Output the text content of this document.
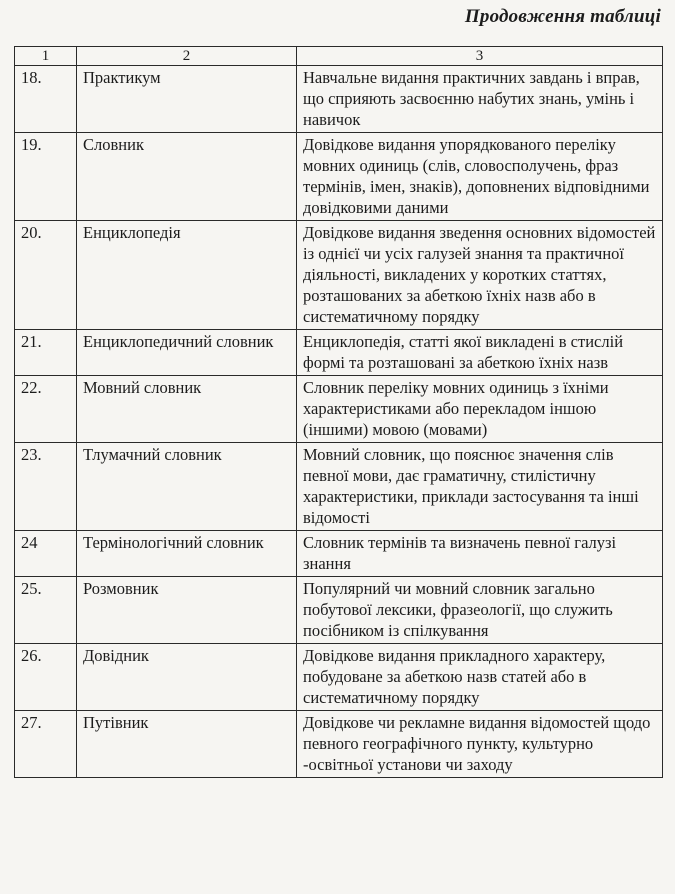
Продовження таблиці
1	2	3
18.	Практикум	Навчальне видання практичних завдань і вправ, що сприяють засвоєнню набутих знань, умінь і навичок
19.	Словник	Довідкове видання упорядкованого переліку мовних одиниць (слів, словосполучень, фраз термінів, імен, знаків), доповнених відповідними довідковими даними
20.	Енциклопедія	Довідкове видання зведення основних відомостей із однієї чи усіх галузей знання та практичної діяльності, викладених у коротких статтях, розташованих за абеткою їхніх назв або в систематичному порядку
21.	Енциклопедичний словник	Енциклопедія, статті якої викладені в стислій формі та розташовані за абеткою їхніх назв
22.	Мовний словник	Словник переліку мовних одиниць з їхніми характеристиками або перекладом іншою (іншими) мовою (мовами)
23.	Тлумачний словник	Мовний словник, що пояснює значення слів певної мови, дає граматичну, стилістичну характеристики, приклади застосування та інші відомості
24	Термінологічний словник	Словник термінів та визначень певної галузі знання
25.	Розмовник	Популярний чи мовний словник загально побутової лексики, фразеології, що служить посібником із спілкування
26.	Довідник	Довідкове видання прикладного характеру, побудоване за абеткою назв статей або в систематичному порядку
27.	Путівник	Довідкове чи рекламне видання відомостей щодо певного географічного пункту, культурно -освітньої установи чи заходу
